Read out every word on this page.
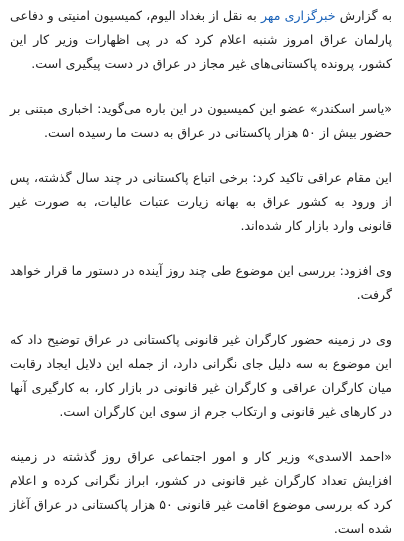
به گزارش خبرگزاری مهر به نقل از بغداد الیوم، کمیسیون امنیتی و دفاعی پارلمان عراق امروز شنبه اعلام کرد که در پی اظهارات وزیر کار این کشور، پرونده پاکستانی‌های غیر مجاز در عراق در دست پیگیری است.

«یاسر اسکندر» عضو این کمیسیون در این باره می‌گوید: اخباری مبتنی بر حضور بیش از ۵۰ هزار پاکستانی در عراق به دست ما رسیده است.

این مقام عراقی تاکید کرد: برخی اتباع پاکستانی در چند سال گذشته، پس از ورود به کشور عراق به بهانه زیارت عتبات عالیات، به صورت غیر قانونی وارد بازار کار شده‌اند.

وی افزود: بررسی این موضوع طی چند روز آینده در دستور ما قرار خواهد گرفت.

وی در زمینه حضور کارگران غیر قانونی پاکستانی در عراق توضیح داد که این موضوع به سه دلیل جای نگرانی دارد، از جمله این دلایل ایجاد رقابت میان کارگران عراقی و کارگران غیر قانونی در بازار کار، به کارگیری آنها در کارهای غیر قانونی و ارتکاب جرم از سوی این کارگران است.

«احمد الاسدی» وزیر کار و امور اجتماعی عراق روز گذشته در زمینه افزایش تعداد کارگران غیر قانونی در کشور، ابراز نگرانی کرده و اعلام کرد که بررسی موضوع اقامت غیر قانونی ۵۰ هزار پاکستانی در عراق آغاز شده است.
